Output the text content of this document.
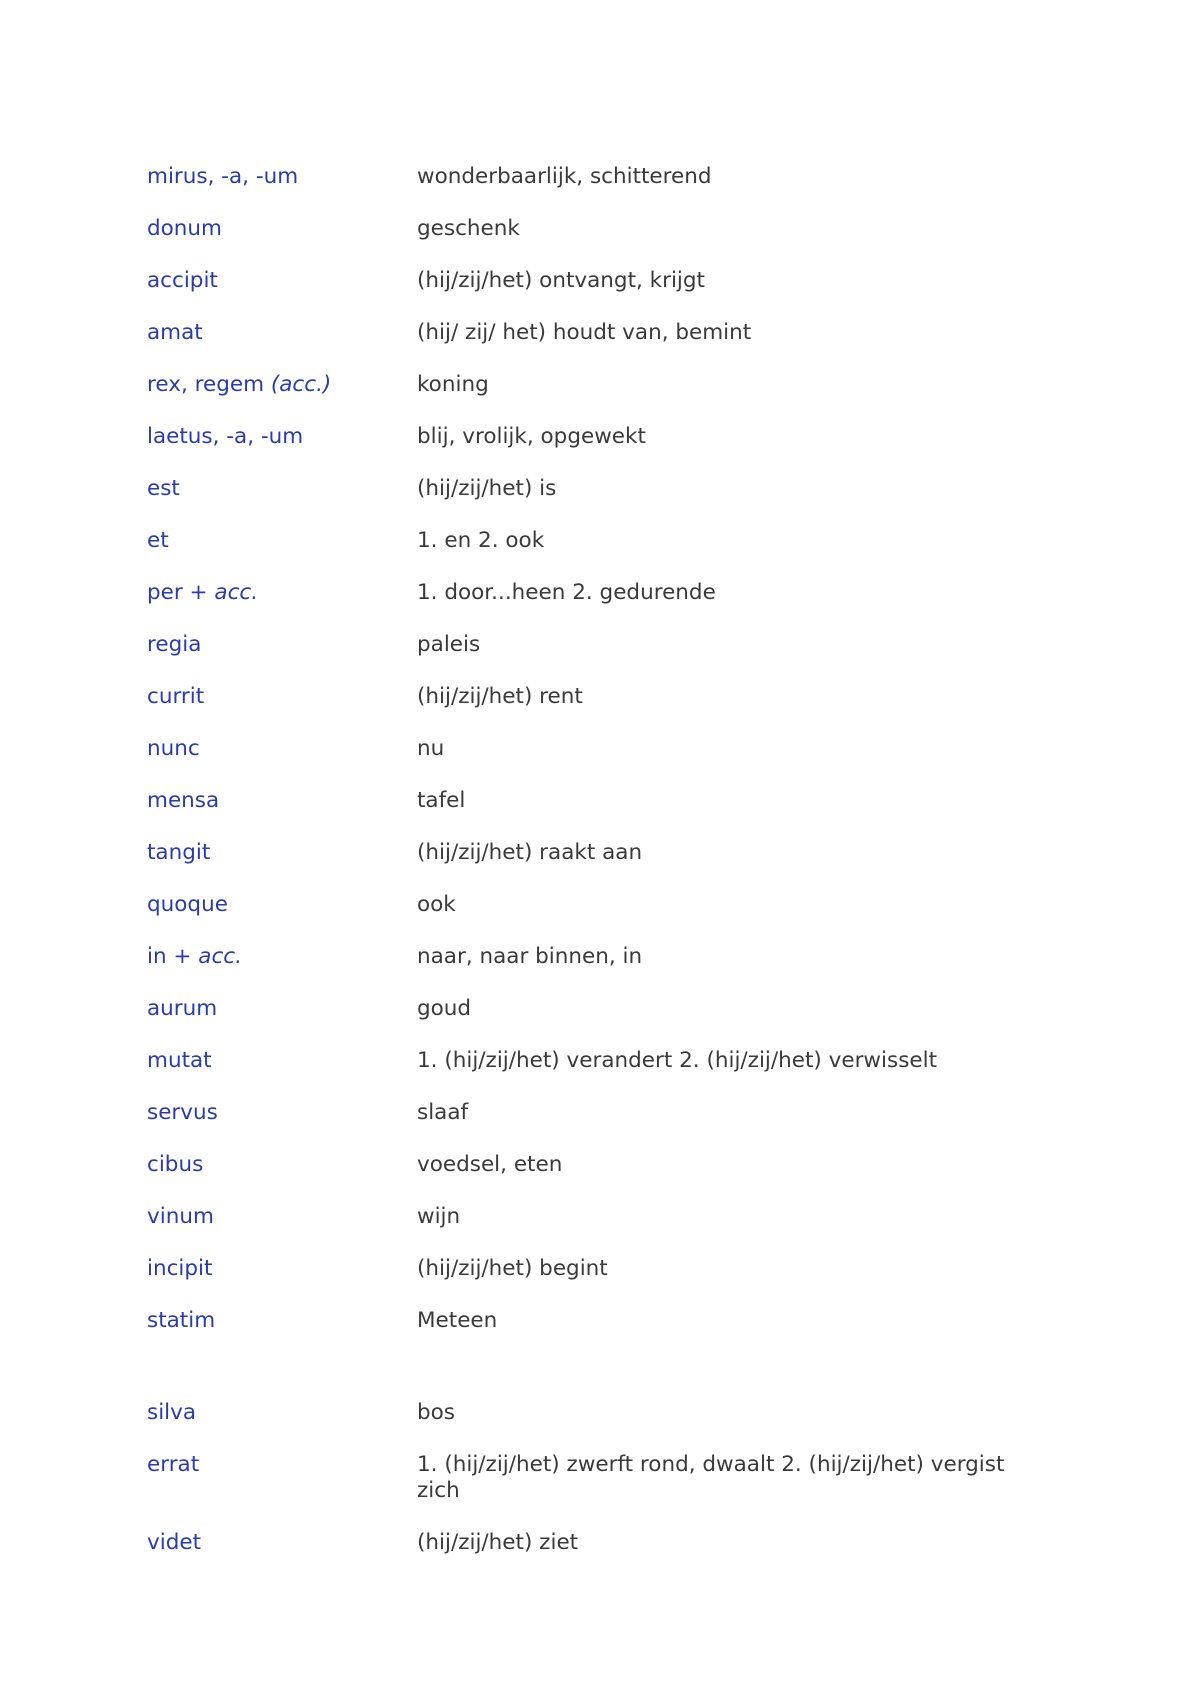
mirus, -a, -um	wonderbaarlijk, schitterend
donum	geschenk
accipit	(hij/zij/het) ontvangt, krijgt
amat	(hij/ zij/ het) houdt van, bemint
rex, regem (acc.)	koning
laetus, -a, -um	blij, vrolijk, opgewekt
est	(hij/zij/het) is
et	1. en 2. ook
per + acc.	1. door...heen 2. gedurende
regia	paleis
currit	(hij/zij/het) rent
nunc	nu
mensa	tafel
tangit	(hij/zij/het) raakt aan
quoque	ook
in + acc.	naar, naar binnen, in
aurum	goud
mutat	1. (hij/zij/het) verandert 2. (hij/zij/het) verwisselt
servus	slaaf
cibus	voedsel, eten
vinum	wijn
incipit	(hij/zij/het) begint
statim	Meteen
silva	bos
errat	1. (hij/zij/het) zwerft rond, dwaalt 2. (hij/zij/het) vergist zich
videt	(hij/zij/het) ziet
